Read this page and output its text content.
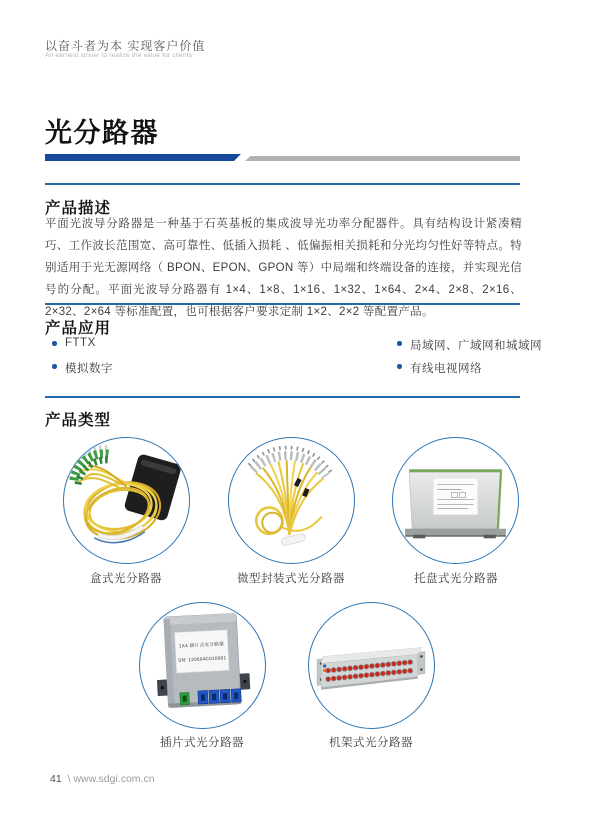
以奋斗者为本 实现客户价值
An earnest striver to realize the value for clients
光分路器
产品描述

平面光波导分路器是一种基于石英基板的集成波导光功率分配器件。具有结构设计紧凑精巧、工作波长范围宽、高可靠性、低插入损耗 、低偏振相关损耗和分光均匀性好等特点。特别适用于光无源网络（ BPON、EPON、GPON 等）中局端和终端设备的连接，并实现光信号的分配。平面光波导分路器有 1×4、1×8、1×16、1×32、1×64、2×4、2×8、2×16、2×32、2×64 等标准配置，也可根据客户要求定制 1×2、2×2 等配置产品。

产品应用
FTTX
模拟数字
局域网、广域网和城域网
有线电视网络
产品类型
盒式光分路器	微型封装式光分路器	托盘式光分路器
1X4 插片式光分路器
SN: 120604C010001
插片式光分路器	机架式光分路器
41 \ www.sdgi.com.cn
